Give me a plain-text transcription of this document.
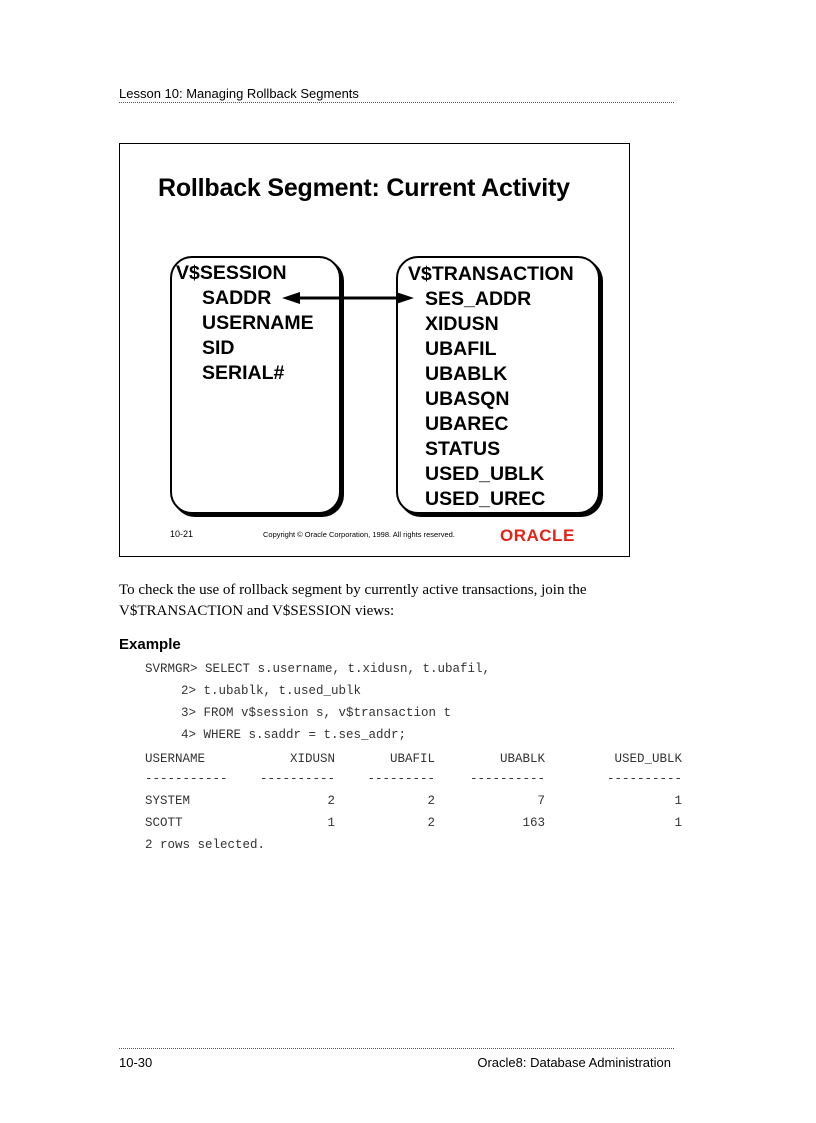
Lesson 10: Managing Rollback Segments
Rollback Segment: Current Activity
V$SESSION
SADDR
USERNAME
SID
SERIAL#
V$TRANSACTION
SES_ADDR
XIDUSN
UBAFIL
UBABLK
UBASQN
UBAREC
STATUS
USED_UBLK
USED_UREC
10-21	Copyright © Oracle Corporation, 1998. All rights reserved.	ORACLE
To check the use of rollback segment by currently active transactions, join the V$TRANSACTION and V$SESSION views:
Example

SVRMGR> SELECT s.username, t.xidusn, t.ubafil,

2> t.ubablk, t.used_ublk

3> FROM v$session s, v$transaction t

4> WHERE s.saddr = t.ses_addr;

USERNAME	XIDUSN	UBAFIL	UBABLK	USED_UBLK
-----------	----------	---------	----------	----------
SYSTEM	2	2	7	1
SCOTT	1	2	163	1
2 rows selected.
10-30	Oracle8: Database Administration
